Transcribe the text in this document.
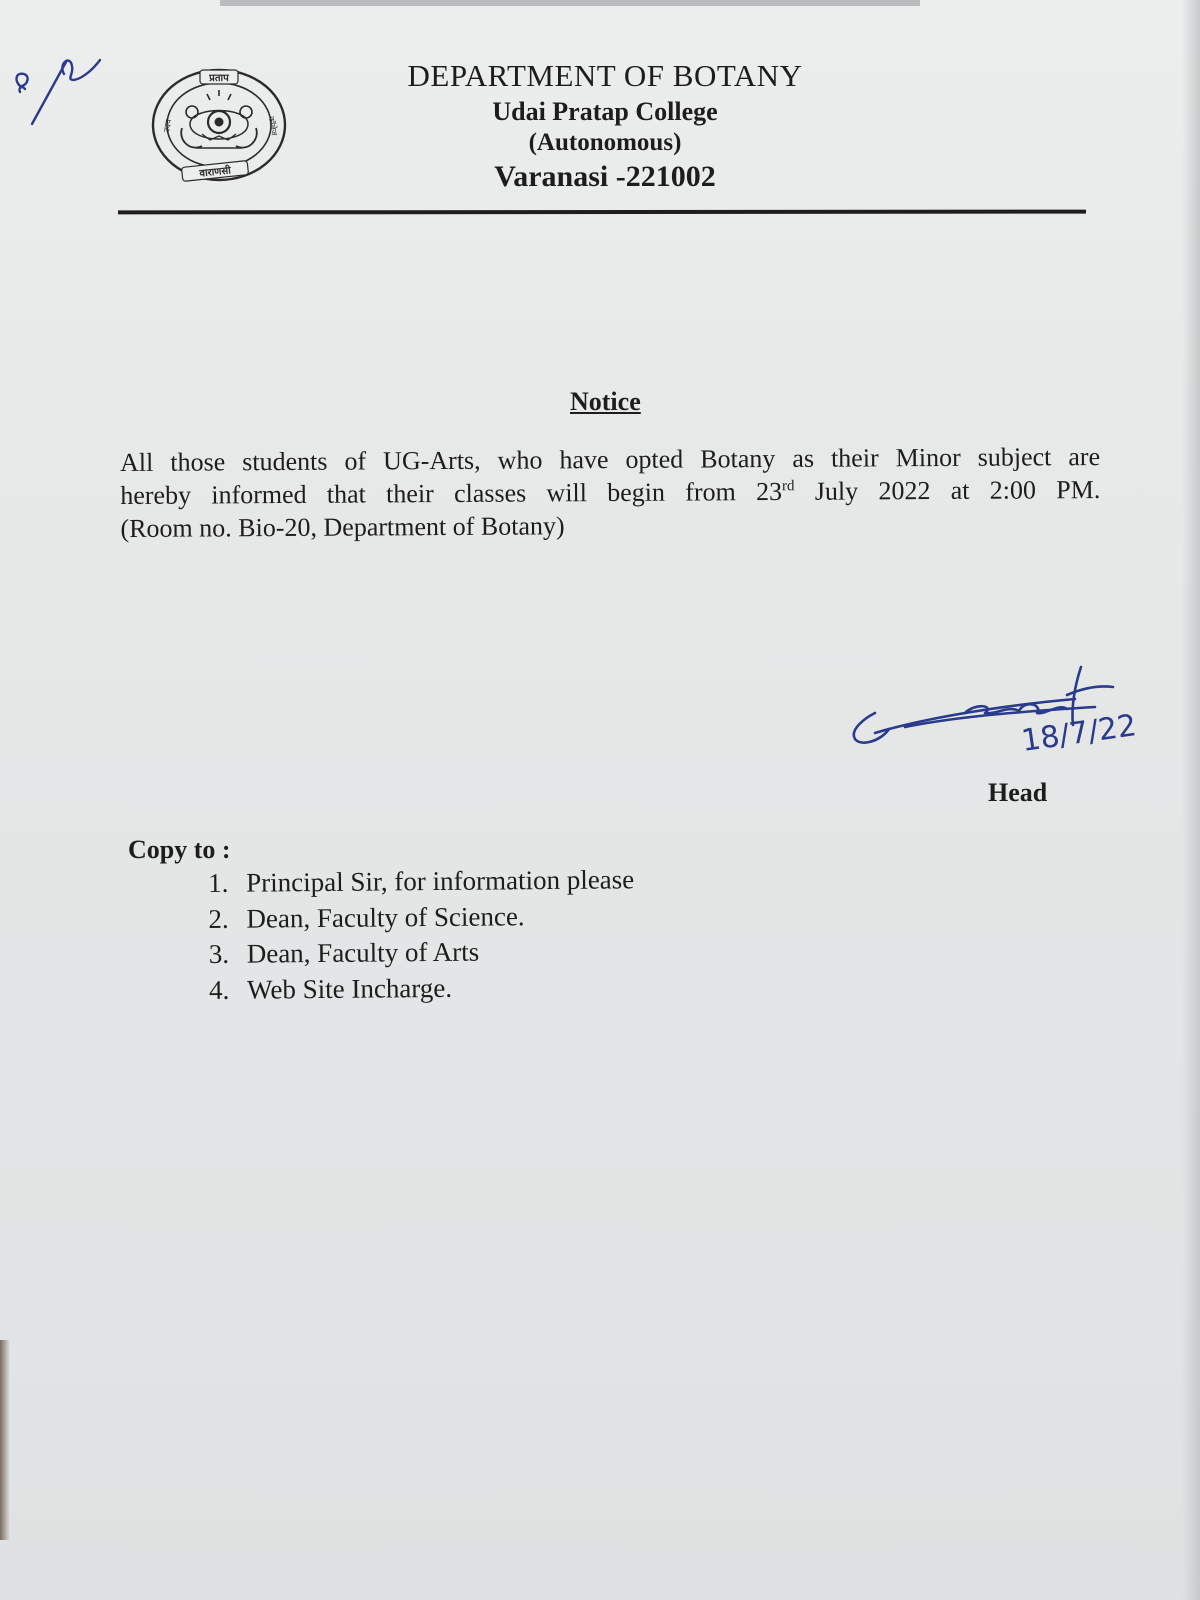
प्रताप
वाराणसी
उदय	कॉलेज

DEPARTMENT OF BOTANY

Udai Pratap College

(Autonomous)

Varanasi -221002

Notice

All those students of UG-Arts, who have opted Botany as their Minor subject are
hereby informed that their classes will begin from 23rd July 2022 at 2:00 PM.
(Room no. Bio-20, Department of Botany)
18/7/22

Head

Copy to :

1. Principal Sir, for information please
2. Dean, Faculty of Science.
3. Dean, Faculty of Arts
4. Web Site Incharge.
